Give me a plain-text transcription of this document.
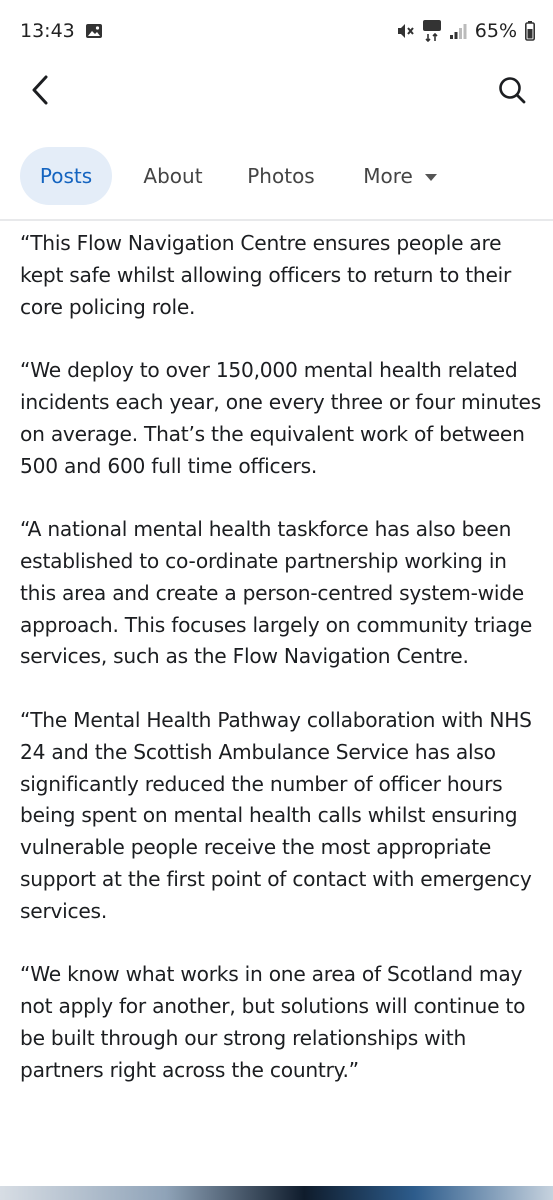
13:43	65%
Posts	About Photos More

“This Flow Navigation Centre ensures people are kept safe whilst allowing officers to return to their core policing role.

“We deploy to over 150,000 mental health related incidents each year, one every three or four minutes on average. That’s the equivalent work of between 500 and 600 full time officers.

“A national mental health taskforce has also been established to co-ordinate partnership working in this area and create a person-centred system-wide approach. This focuses largely on community triage services, such as the Flow Navigation Centre.

“The Mental Health Pathway collaboration with NHS 24 and the Scottish Ambulance Service has also significantly reduced the number of officer hours being spent on mental health calls whilst ensuring vulnerable people receive the most appropriate support at the first point of contact with emergency services.

“We know what works in one area of Scotland may not apply for another, but solutions will continue to be built through our strong relationships with partners right across the country.”
